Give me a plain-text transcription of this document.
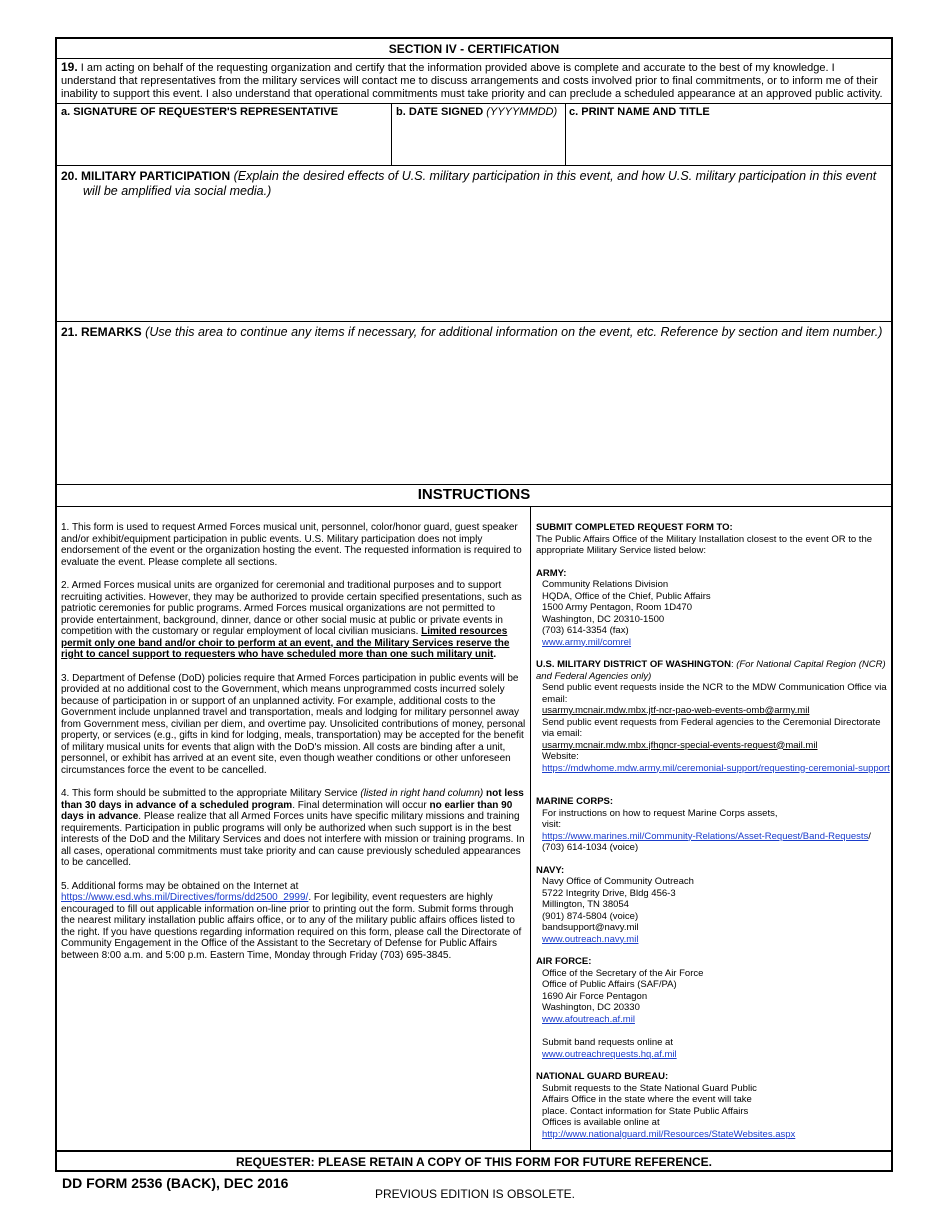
SECTION IV - CERTIFICATION
19. I am acting on behalf of the requesting organization and certify that the information provided above is complete and accurate to the best of my knowledge. I understand that representatives from the military services will contact me to discuss arrangements and costs involved prior to final commitments, or to inform me of their inability to support this event. I also understand that operational commitments must take priority and can preclude a scheduled appearance at an approved public activity.
a. SIGNATURE OF REQUESTER'S REPRESENTATIVE	b. DATE SIGNED (YYYYMMDD) c. PRINT NAME AND TITLE
20. MILITARY PARTICIPATION (Explain the desired effects of U.S. military participation in this event, and how U.S. military participation in this event will be amplified via social media.)
21. REMARKS (Use this area to continue any items if necessary, for additional information on the event, etc. Reference by section and item number.)
INSTRUCTIONS

1. This form is used to request Armed Forces musical unit, personnel, color/honor guard, guest speaker and/or exhibit/equipment participation in public events. U.S. Military participation does not imply endorsement of the event or the organization hosting the event. The requested information is required to evaluate the event. Please complete all sections.

2. Armed Forces musical units are organized for ceremonial and traditional purposes and to support recruiting activities. However, they may be authorized to provide certain specified presentations, such as patriotic ceremonies for public programs. Armed Forces musical organizations are not permitted to provide entertainment, background, dinner, dance or other social music at public or private events in competition with the customary or regular employment of local civilian musicians. Limited resources permit only one band and/or choir to perform at an event, and the Military Services reserve the right to cancel support to requesters who have scheduled more than one such military unit.

3. Department of Defense (DoD) policies require that Armed Forces participation in public events will be provided at no additional cost to the Government, which means unprogrammed costs incurred solely because of participation in or support of an unplanned activity. For example, additional costs to the Government include unplanned travel and transportation, meals and lodging for military personnel away from Government mess, civilian per diem, and overtime pay. Unsolicited contributions of money, personal property, or services (e.g., gifts in kind for lodging, meals, transportation) may be accepted for the benefit of military musical units for events that align with the DoD's mission. All costs are binding after a unit, personnel, or exhibit has arrived at an event site, even though weather conditions or other unforeseen circumstances force the event to be cancelled.

4. This form should be submitted to the appropriate Military Service (listed in right hand column) not less than 30 days in advance of a scheduled program. Final determination will occur no earlier than 90 days in advance. Please realize that all Armed Forces units have specific military missions and training requirements. Participation in public programs will only be authorized when such support is in the best interests of the DoD and the Military Services and does not interfere with mission or training programs. In all cases, operational commitments must take priority and can cause previously scheduled appearances to be cancelled.

5. Additional forms may be obtained on the Internet at https://www.esd.whs.mil/Directives/forms/dd2500_2999/. For legibility, event requesters are highly encouraged to fill out applicable information on-line prior to printing out the form. Submit forms through the nearest military installation public affairs office, or to any of the military public affairs offices listed to the right. If you have questions regarding information required on this form, please call the Directorate of Community Engagement in the Office of the Assistant to the Secretary of Defense for Public Affairs between 8:00 a.m. and 5:00 p.m. Eastern Time, Monday through Friday (703) 695-3845.

SUBMIT COMPLETED REQUEST FORM TO:
The Public Affairs Office of the Military Installation closest to the event OR to the appropriate Military Service listed below:
ARMY:
Community Relations Division
HQDA, Office of the Chief, Public Affairs
1500 Army Pentagon, Room 1D470
Washington, DC 20310-1500
(703) 614-3354 (fax)
www.army.mil/comrel
U.S. MILITARY DISTRICT OF WASHINGTON: (For National Capital Region (NCR) and Federal Agencies only)
Send public event requests inside the NCR to the MDW Communication Office via email:
usarmy.mcnair.mdw.mbx.jtf-ncr-pao-web-events-omb@army.mil
Send public event requests from Federal agencies to the Ceremonial Directorate via email:
usarmy.mcnair.mdw.mbx.jfhqncr-special-events-request@mail.mil
Website:
https://mdwhome.mdw.army.mil/ceremonial-support/requesting-ceremonial-support
MARINE CORPS:
For instructions on how to request Marine Corps assets,
visit:
https://www.marines.mil/Community-Relations/Asset-Request/Band-Requests/
(703) 614-1034 (voice)
NAVY:
Navy Office of Community Outreach
5722 Integrity Drive, Bldg 456-3
Millington, TN 38054
(901) 874-5804 (voice)
bandsupport@navy.mil
www.outreach.navy.mil
AIR FORCE:
Office of the Secretary of the Air Force
Office of Public Affairs (SAF/PA)
1690 Air Force Pentagon
Washington, DC 20330
www.afoutreach.af.mil
Submit band requests online at
www.outreachrequests.hq.af.mil
NATIONAL GUARD BUREAU:
Submit requests to the State National Guard Public
Affairs Office in the state where the event will take
place. Contact information for State Public Affairs
Offices is available online at
http://www.nationalguard.mil/Resources/StateWebsites.aspx
REQUESTER: PLEASE RETAIN A COPY OF THIS FORM FOR FUTURE REFERENCE.
DD FORM 2536 (BACK), DEC 2016
PREVIOUS EDITION IS OBSOLETE.
